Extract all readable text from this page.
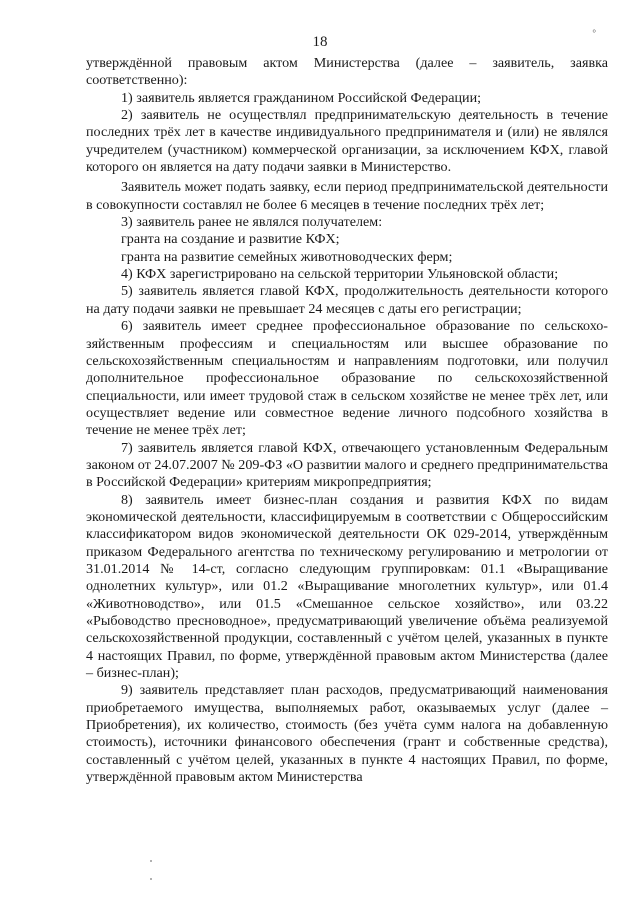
18
°

утверждённой правовым актом Министерства (далее – заявитель, заявка соответственно):

1) заявитель является гражданином Российской Федерации;

2) заявитель не осуществлял предпринимательскую деятельность в течение последних трёх лет в качестве индивидуального предпринимателя и (или) не являлся учредителем (участником) коммерческой организации, за исключением КФХ, главой которого он является на дату подачи заявки в Министерство.

Заявитель может подать заявку, если период предпринимательской деятельности в совокупности составлял не более 6 месяцев в течение последних трёх лет;

3) заявитель ранее не являлся получателем:

гранта на создание и развитие КФХ;

гранта на развитие семейных животноводческих ферм;

4) КФХ зарегистрировано на сельской территории Ульяновской области;

5) заявитель является главой КФХ, продолжительность деятельности которого на дату подачи заявки не превышает 24 месяцев с даты его регистрации;

6) заявитель имеет среднее профессиональное образование по сельскохозяйственным профессиям и специальностям или высшее образование по сельскохозяйственным специальностям и направлениям подготовки, или получил дополнительное профессиональное образование по сельскохозяйственной специальности, или имеет трудовой стаж в сельском хозяйстве не менее трёх лет, или осуществляет ведение или совместное ведение личного подсобного хозяйства в течение не менее трёх лет;

7) заявитель является главой КФХ, отвечающего установленным Федеральным законом от 24.07.2007 № 209-ФЗ «О развитии малого и среднего предпринимательства в Российской Федерации» критериям микропредприятия;

8) заявитель имеет бизнес-план создания и развития КФХ по видам экономической деятельности, классифицируемым в соответствии с Общероссийским классификатором видов экономической деятельности ОК 029-2014, утверждённым приказом Федерального агентства по техническому регулированию и метрологии от 31.01.2014 № 14-ст, согласно следующим группировкам: 01.1 «Выращивание однолетних культур», или 01.2 «Выращивание многолетних культур», или 01.4 «Животноводство», или 01.5 «Смешанное сельское хозяйство», или 03.22 «Рыбоводство пресноводное», предусматривающий увеличение объёма реализуемой сельскохозяйственной продукции, составленный с учётом целей, указанных в пункте 4 настоящих Правил, по форме, утверждённой правовым актом Министерства (далее – бизнес-план);

9) заявитель представляет план расходов, предусматривающий наименования приобретаемого имущества, выполняемых работ, оказываемых услуг (далее – Приобретения), их количество, стоимость (без учёта сумм налога на добавленную стоимость), источники финансового обеспечения (грант и собственные средства), составленный с учётом целей, указанных в пункте 4 настоящих Правил, по форме, утверждённой правовым актом Министерства
